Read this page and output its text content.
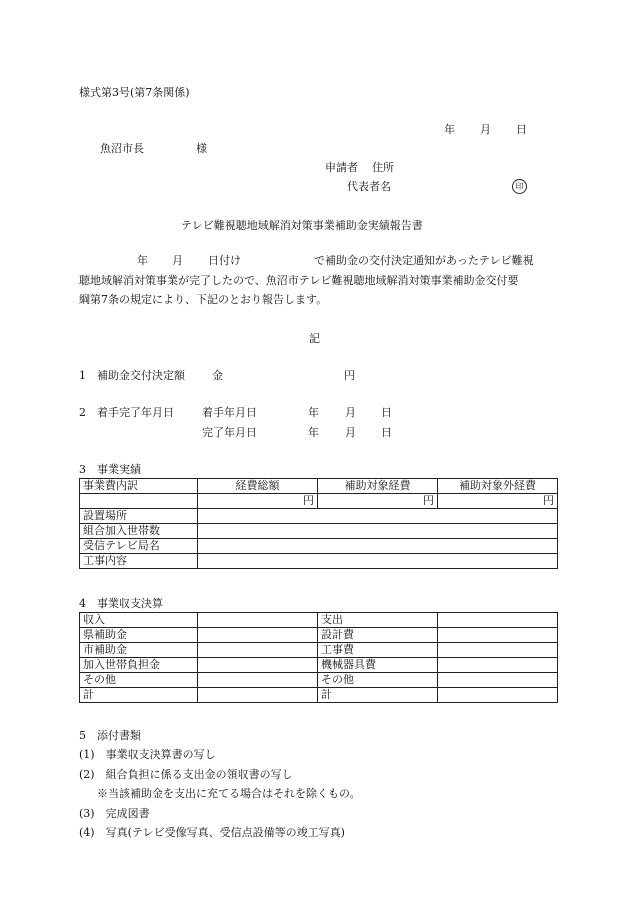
様式第3号(第7条関係)
年 月 日
魚沼市長	様
申請者 住所
代表者名	印
テレビ難視聴地域解消対策事業補助金実績報告書
年 月 日付け	で補助金の交付決定通知があったテレビ難視
聴地域解消対策事業が完了したので、魚沼市テレビ難視聴地域解消対策事業補助金交付要
綱第7条の規定により、下記のとおり報告します。
記
1 補助金交付決定額 金	円
2 着手完了年月日	着手年月日	年 月 日
完了年月日	年 月 日
3　事業実績
事業費内訳	経費総額	補助対象経費	補助対象外経費
	円	円	円
設置場所			
組合加入世帯数			
受信テレビ局名			
工事内容			
4　事業収支決算
収入		支出	
県補助金		設計費	
市補助金		工事費	
加入世帯負担金		機械器具費	
その他		その他	
計		計	
5　添付書類
(1)　事業収支決算書の写し
(2)　組合負担に係る支出金の領収書の写し
※当該補助金を支出に充てる場合はそれを除くもの。
(3)　完成図書
(4)　写真(テレビ受像写真、受信点設備等の竣工写真)
